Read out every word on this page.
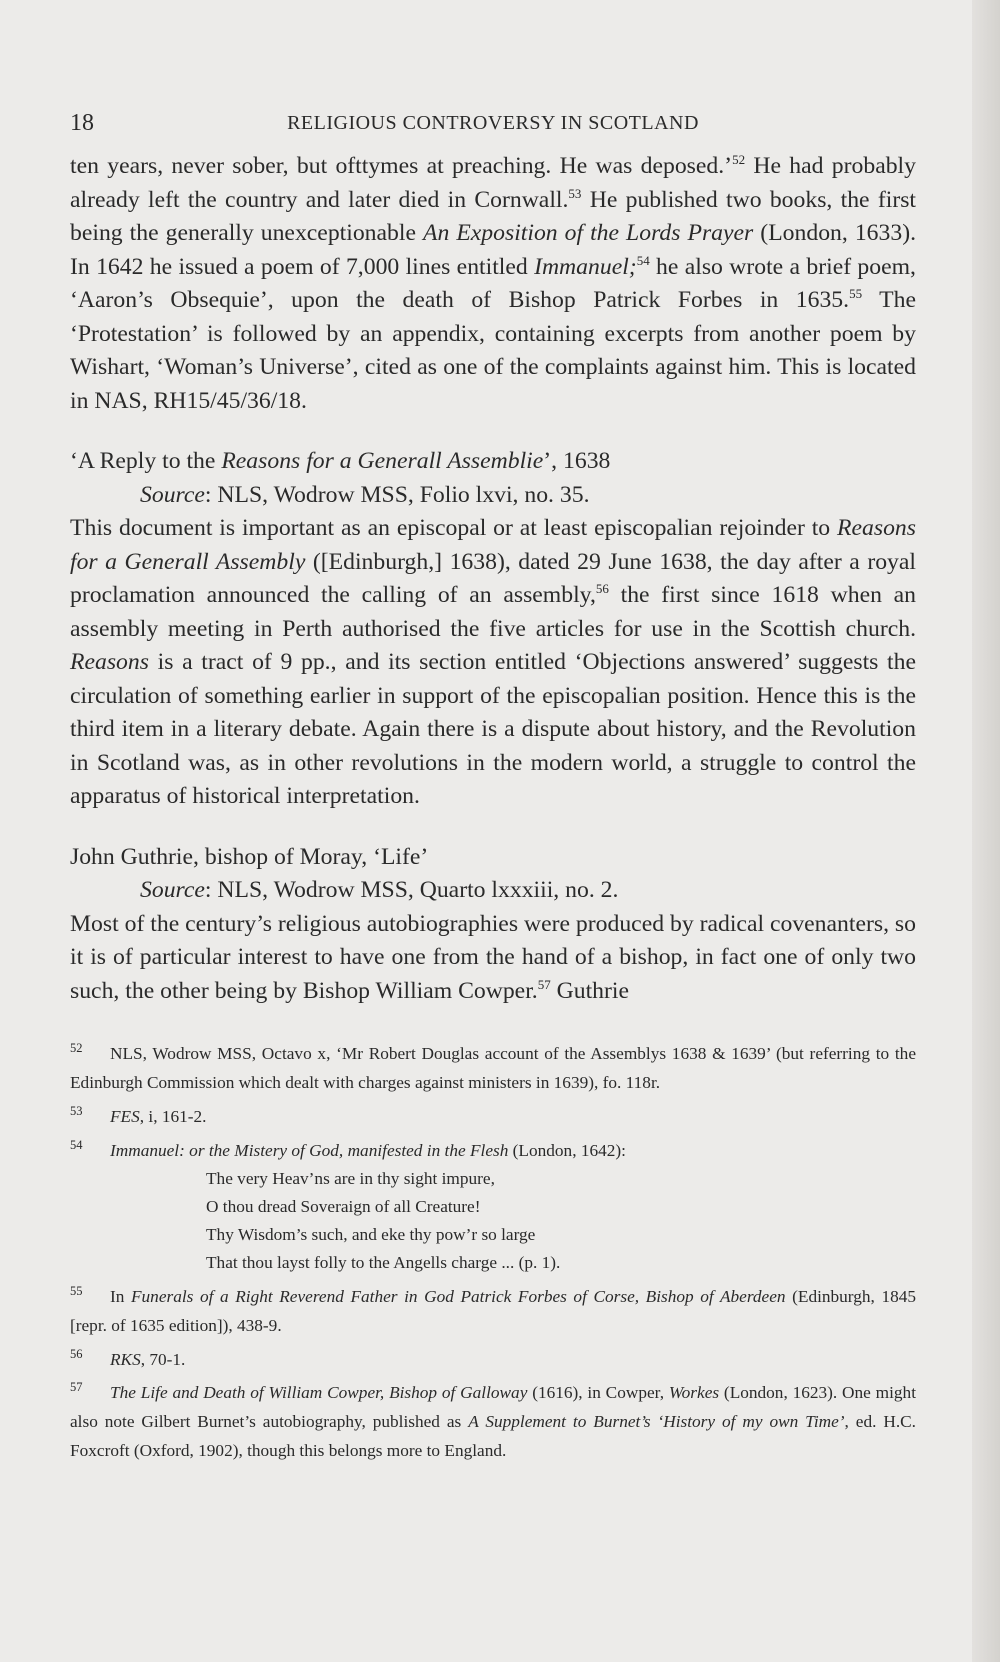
18	RELIGIOUS CONTROVERSY IN SCOTLAND

ten years, never sober, but ofttymes at preaching. He was deposed.’$^{52}$ He had probably already left the country and later died in Cornwall.$^{53}$ He published two books, the first being the generally unexceptionable An Exposition of the Lords Prayer (London, 1633). In 1642 he issued a poem of 7,000 lines entitled Immanuel;$^{54}$ he also wrote a brief poem, ‘Aaron’s Obsequie’, upon the death of Bishop Patrick Forbes in 1635.55 The ‘Protestation’ is followed by an appendix, containing excerpts from another poem by Wishart, ‘Woman’s Universe’, cited as one of the complaints against him. This is located in NAS, RH15/45/36/18.

‘A Reply to the Reasons for a Generall Assemblie’, 1638

Source: NLS, Wodrow MSS, Folio lxvi, no. 35.

This document is important as an episcopal or at least episcopalian rejoinder to Reasons for a Generall Assembly ([Edinburgh,] 1638), dated 29 June 1638, the day after a royal proclamation announced the calling of an assembly,$^{56}$ the first since 1618 when an assembly meeting in Perth authorised the five articles for use in the Scottish church. Reasons is a tract of 9 pp., and its section entitled ‘Objections answered’ suggests the circulation of something earlier in support of the episcopalian position. Hence this is the third item in a literary debate. Again there is a dispute about history, and the Revolution in Scotland was, as in other revolutions in the modern world, a struggle to control the apparatus of historical interpretation.

John Guthrie, bishop of Moray, ‘Life’

Source: NLS, Wodrow MSS, Quarto lxxxiii, no. 2.

Most of the century’s religious autobiographies were produced by radical covenanters, so it is of particular interest to have one from the hand of a bishop, in fact one of only two such, the other being by Bishop William Cowper.$^{57}$ Guthrie

52 NLS, Wodrow MSS, Octavo x, ‘Mr Robert Douglas account of the Assemblys 1638 & 1639’ (but referring to the Edinburgh Commission which dealt with charges against ministers in 1639), fo. 118r.

53 FES, i, 161-2.

54 Immanuel: or the Mistery of God, manifested in the Flesh (London, 1642):

The very Heav’ns are in thy sight impure,

O thou dread Soveraign of all Creature!

Thy Wisdom’s such, and eke thy pow’r so large

That thou layst folly to the Angells charge ... (p. 1).

55 In Funerals of a Right Reverend Father in God Patrick Forbes of Corse, Bishop of Aberdeen (Edinburgh, 1845 [repr. of 1635 edition]), 438-9.

56 RKS, 70-1.

57 The Life and Death of William Cowper, Bishop of Galloway (1616), in Cowper, Workes (London, 1623). One might also note Gilbert Burnet’s autobiography, published as A Supplement to Burnet’s ‘History of my own Time’, ed. H.C. Foxcroft (Oxford, 1902), though this belongs more to England.
